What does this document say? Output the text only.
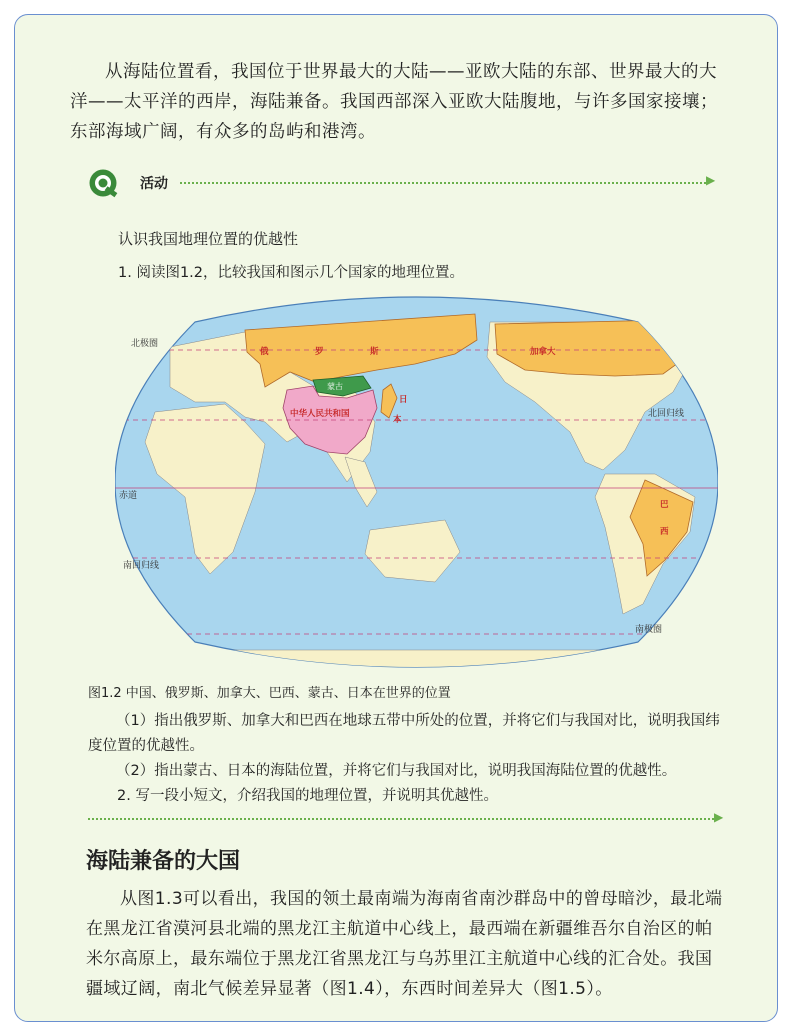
从海陆位置看，我国位于世界最大的大陆——亚欧大陆的东部、世界最大的大洋——太平洋的西岸，海陆兼备。我国西部深入亚欧大陆腹地，与许多国家接壤；东部海域广阔，有众多的岛屿和港湾。

活动	▶

认识我国地理位置的优越性

1. 阅读图1.2，比较我国和图示几个国家的地理位置。

北极圈
北回归线
赤道
南回归线
南极圈
俄	罗	斯	加拿大
巴
西
蒙古
中华人民共和国
日
本

图1.2 中国、俄罗斯、加拿大、巴西、蒙古、日本在世界的位置

（1）指出俄罗斯、加拿大和巴西在地球五带中所处的位置，并将它们与我国对比，说明我国纬度位置的优越性。

（2）指出蒙古、日本的海陆位置，并将它们与我国对比，说明我国海陆位置的优越性。

2. 写一段小短文，介绍我国的地理位置，并说明其优越性。

▶
海陆兼备的大国

从图1.3可以看出，我国的领土最南端为海南省南沙群岛中的曾母暗沙，最北端在黑龙江省漠河县北端的黑龙江主航道中心线上，最西端在新疆维吾尔自治区的帕米尔高原上，最东端位于黑龙江省黑龙江与乌苏里江主航道中心线的汇合处。我国疆域辽阔，南北气候差异显著（图1.4），东西时间差异大（图1.5）。
